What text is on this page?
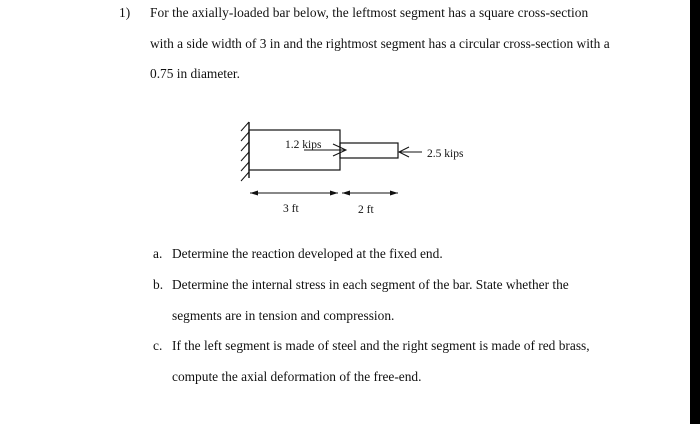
1) For the axially-loaded bar below, the leftmost segment has a square cross-section
with a side width of 3 in and the rightmost segment has a circular cross-section with a
0.75 in diameter.
1.2 kips
2.5 kips
3 ft	2 ft
a. Determine the reaction developed at the fixed end.
b. Determine the internal stress in each segment of the bar. State whether the
segments are in tension and compression.
c. If the left segment is made of steel and the right segment is made of red brass,
compute the axial deformation of the free-end.
